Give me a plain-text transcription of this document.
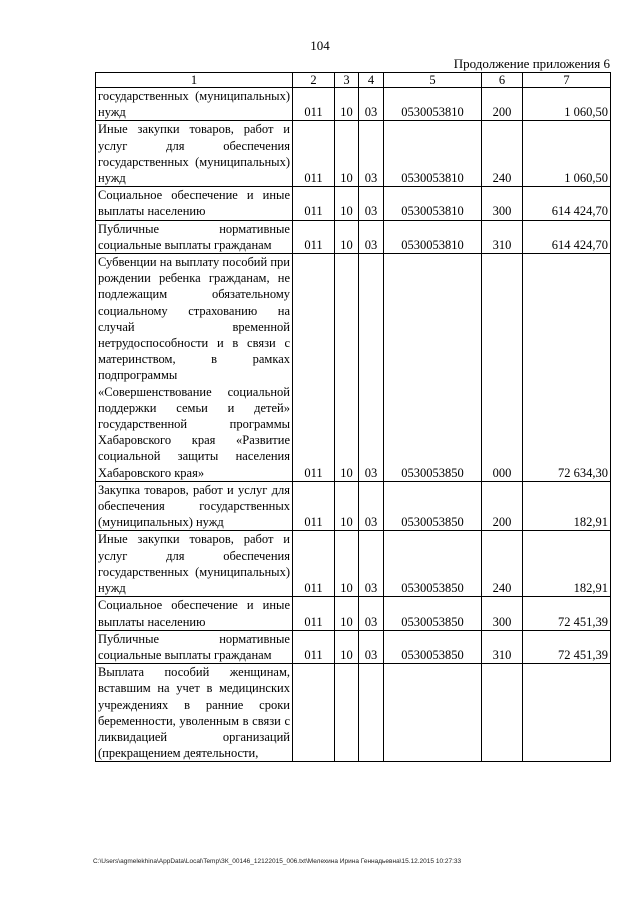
104
Продолжение приложения 6
1	2	3	4	5	6	7
государственных (муниципальных) нужд	011	10	03	0530053810	200	1 060,50
Иные закупки товаров, работ и услуг для обеспечения государственных (муниципальных) нужд	011	10	03	0530053810	240	1 060,50
Социальное обеспечение и иные выплаты населению	011	10	03	0530053810	300	614 424,70
Публичные нормативные социальные выплаты гражданам	011	10	03	0530053810	310	614 424,70
Субвенции на выплату пособий при рождении ребенка гражданам, не подлежащим обязательному социальному страхованию на случай временной нетрудоспособности и в связи с материнством, в рамках подпрограммы «Совершенствование социальной поддержки семьи и детей» государственной программы Хабаровского края «Развитие социальной защиты населения Хабаровского края»	011	10	03	0530053850	000	72 634,30
Закупка товаров, работ и услуг для обеспечения государственных (муниципальных) нужд	011	10	03	0530053850	200	182,91
Иные закупки товаров, работ и услуг для обеспечения государственных (муниципальных) нужд	011	10	03	0530053850	240	182,91
Социальное обеспечение и иные выплаты населению	011	10	03	0530053850	300	72 451,39
Публичные нормативные социальные выплаты гражданам	011	10	03	0530053850	310	72 451,39
Выплата пособий женщинам, вставшим на учет в медицинских учреждениях в ранние сроки беременности, уволенным в связи с ликвидацией организаций (прекращением деятельности,						
C:\Users\agmelekhina\AppData\Local\Temp\ЗК_00146_12122015_006.txt\Мелехина Ирина Геннадьевна\15.12.2015 10:27:33
